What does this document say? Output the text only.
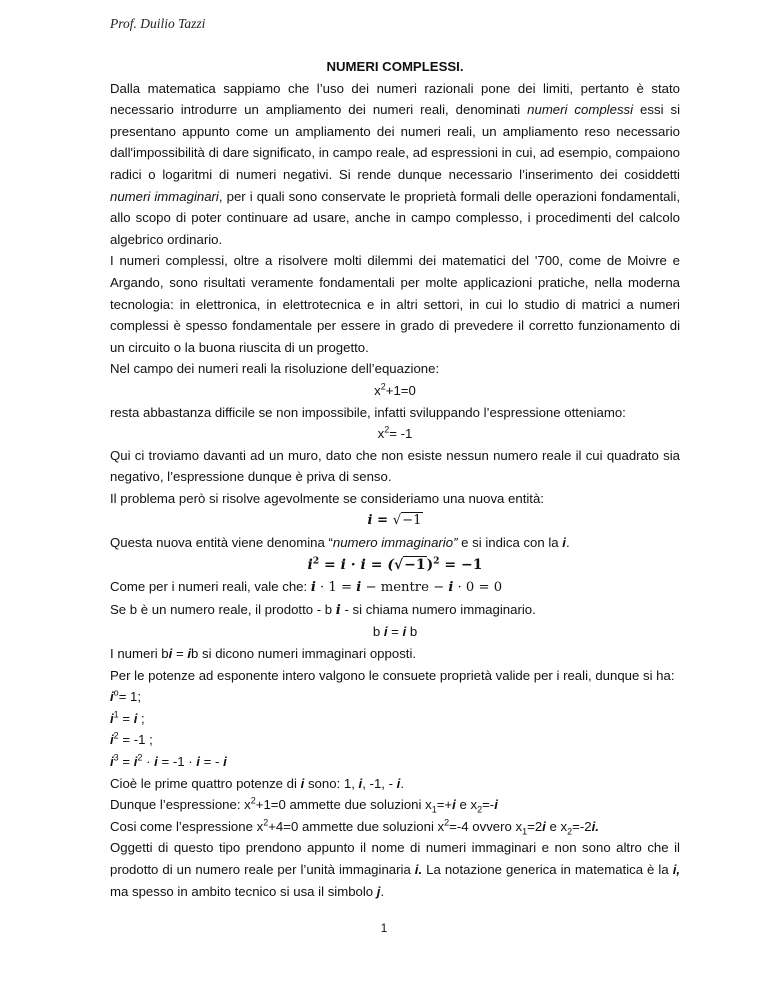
Prof. Duilio Tazzi
NUMERI COMPLESSI.
Dalla matematica sappiamo che l’uso dei numeri razionali pone dei limiti, pertanto è stato necessario introdurre un ampliamento dei numeri reali, denominati numeri complessi essi si presentano appunto come un ampliamento dei numeri reali, un ampliamento reso necessario dall'impossibilità di dare significato, in campo reale, ad espressioni in cui, ad esempio, compaiono radici o logaritmi di numeri negativi. Si rende dunque necessario l’inserimento dei cosiddetti numeri immaginari, per i quali sono conservate le proprietà formali delle operazioni fondamentali, allo scopo di poter continuare ad usare, anche in campo complesso, i procedimenti del calcolo algebrico ordinario.
I numeri complessi, oltre a risolvere molti dilemmi dei matematici del '700, come de Moivre e Argando, sono risultati veramente fondamentali per molte applicazioni pratiche, nella moderna tecnologia: in elettronica, in elettrotecnica e in altri settori, in cui lo studio di matrici a numeri complessi è spesso fondamentale per essere in grado di prevedere il corretto funzionamento di un circuito o la buona riuscita di un progetto.
Nel campo dei numeri reali la risoluzione dell’equazione:
$x^2+1=0$
resta abbastanza difficile se non impossibile, infatti sviluppando l’espressione otteniamo:
$x^2= -1$
Qui ci troviamo davanti ad un muro, dato che non esiste nessun numero reale il cui quadrato sia negativo, l’espressione dunque è priva di senso.
Il problema però si risolve agevolmente se consideriamo una nuova entità:
i = √−1
Questa nuova entità viene denomina “numero immaginario” e si indica con la i.
$i^2 = i \cdot i = (√-1)^2 = -1$
Come per i numeri reali, vale che: i · 1 = i − mentre − i · 0 = 0
Se b è un numero reale, il prodotto - b i - si chiama numero immaginario.
b i = i b
I numeri bi = ib si dicono numeri immaginari opposti.
Per le potenze ad esponente intero valgono le consuete proprietà valide per i reali, dunque si ha:
$i^o= 1$;
$i^1 = i$ ;
$i^2 = -1$ ;
$i^3 = i^2 \cdot i = -1 \cdot i$ = - i
Cioè le prime quattro potenze di i sono: 1, i, -1, - i.
Dunque l’espressione: $x^2+1=0$ ammette due soluzioni $x_1=+i$ e $x_2=-i$
Cosi come l’espressione $x^2+4=0$ ammette due soluzioni $x^2=-4$ ovvero $x_1=2i$ e $x_2=-2i$.
Oggetti di questo tipo prendono appunto il nome di numeri immaginari e non sono altro che il prodotto di un numero reale per l’unità immaginaria i. La notazione generica in matematica è la i, ma spesso in ambito tecnico si usa il simbolo j.
1
